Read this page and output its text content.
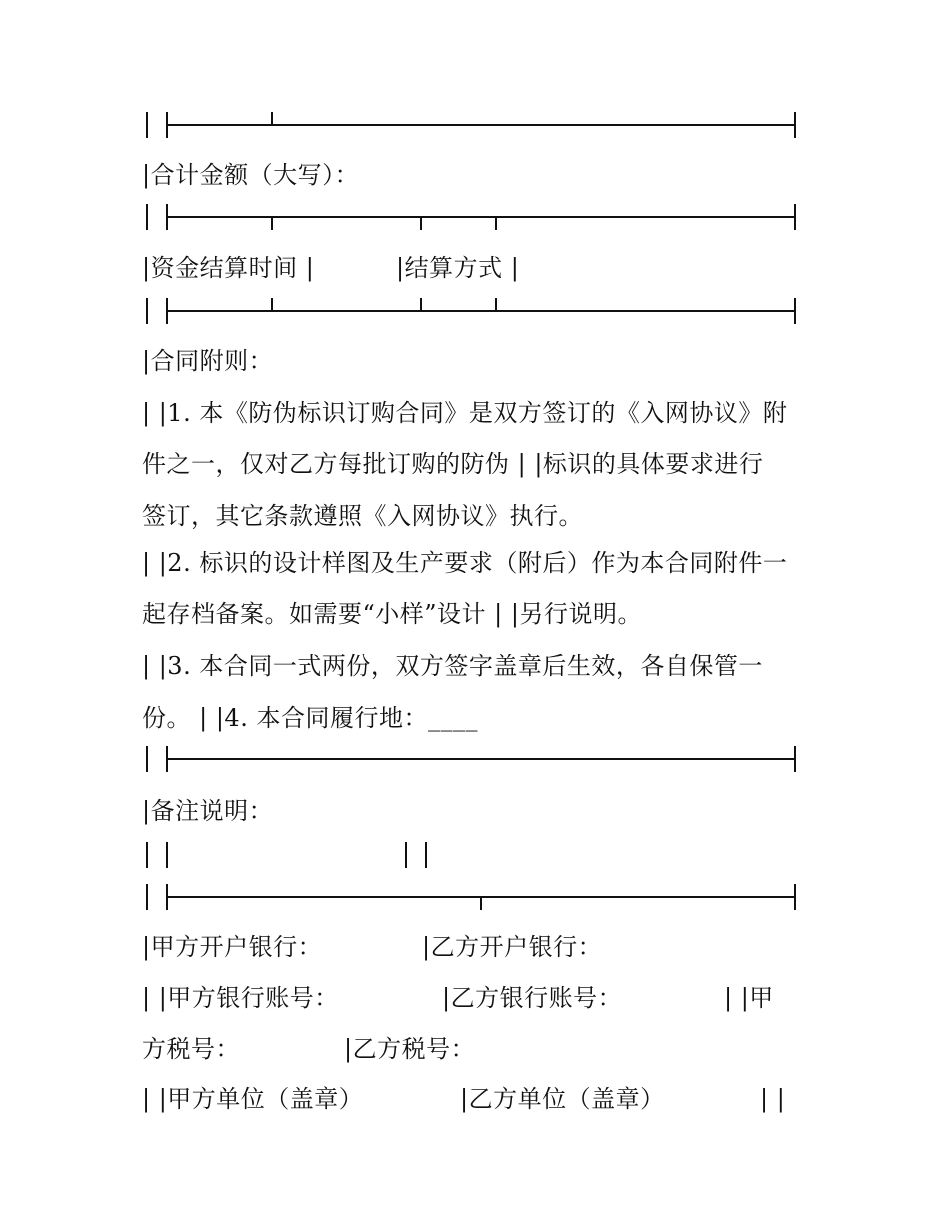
|合计金额（大写）：
|资金结算时间 |	|结算方式 |
|合同附则：
| |1. 本《防伪标识订购合同》是双方签订的《入网协议》附
件之一，仅对乙方每批订购的防伪 | |标识的具体要求进行
签订，其它条款遵照《入网协议》执行。
| |2. 标识的设计样图及生产要求（附后）作为本合同附件一
起存档备案。如需要“小样”设计 | |另行说明。
| |3. 本合同一式两份，双方签字盖章后生效，各自保管一
份。 | |4. 本合同履行地：____
|备注说明：
|甲方开户银行：	|乙方开户银行：
| |甲方银行账号：	|乙方银行账号：	| |甲
方税号：	|乙方税号：
| |甲方单位（盖章）	|乙方单位（盖章）	| |
